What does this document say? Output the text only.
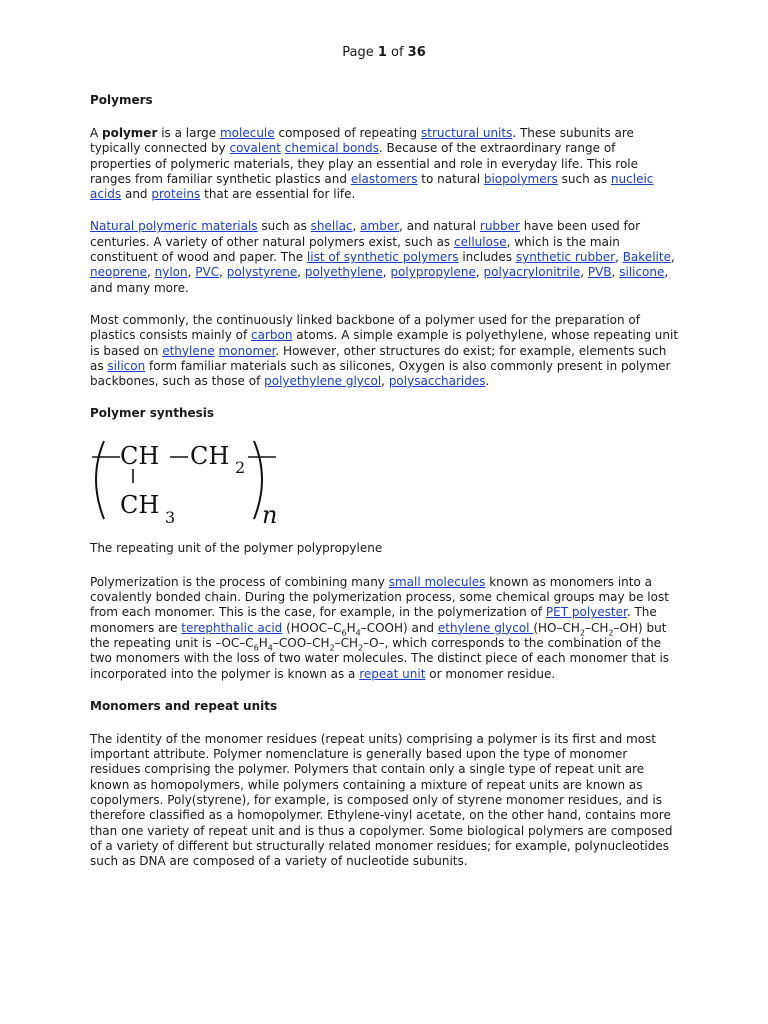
Page 1 of 36
Polymers

A polymer is a large molecule composed of repeating structural units. These subunits are typically connected by covalent chemical bonds. Because of the extraordinary range of properties of polymeric materials, they play an essential and role in everyday life. This role ranges from familiar synthetic plastics and elastomers to natural biopolymers such as nucleic acids and proteins that are essential for life.

Natural polymeric materials such as shellac, amber, and natural rubber have been used for centuries. A variety of other natural polymers exist, such as cellulose, which is the main constituent of wood and paper. The list of synthetic polymers includes synthetic rubber, Bakelite, neoprene, nylon, PVC, polystyrene, polyethylene, polypropylene, polyacrylonitrile, PVB, silicone, and many more.

Most commonly, the continuously linked backbone of a polymer used for the preparation of plastics consists mainly of carbon atoms. A simple example is polyethylene, whose repeating unit is based on ethylene monomer. However, other structures do exist; for example, elements such as silicon form familiar materials such as silicones, Oxygen is also commonly present in polymer backbones, such as those of polyethylene glycol, polysaccharides.

Polymer synthesis
CH CH 2
CH 3	n

The repeating unit of the polymer polypropylene

Polymerization is the process of combining many small molecules known as monomers into a covalently bonded chain. During the polymerization process, some chemical groups may be lost from each monomer. This is the case, for example, in the polymerization of PET polyester. The monomers are terephthalic acid $(HOOC-C_6H_4-COOH)$ and ethylene glycol $(HO-CH_2-CH_2-OH)$ but the repeating unit is $-OC-C_6H_4-COO-CH_2-CH_2-O-$, which corresponds to the combination of the two monomers with the loss of two water molecules. The distinct piece of each monomer that is incorporated into the polymer is known as a repeat unit or monomer residue.

Monomers and repeat units

The identity of the monomer residues (repeat units) comprising a polymer is its first and most important attribute. Polymer nomenclature is generally based upon the type of monomer residues comprising the polymer. Polymers that contain only a single type of repeat unit are known as homopolymers, while polymers containing a mixture of repeat units are known as copolymers. Poly(styrene), for example, is composed only of styrene monomer residues, and is therefore classified as a homopolymer. Ethylene-vinyl acetate, on the other hand, contains more than one variety of repeat unit and is thus a copolymer. Some biological polymers are composed of a variety of different but structurally related monomer residues; for example, polynucleotides such as DNA are composed of a variety of nucleotide subunits.
